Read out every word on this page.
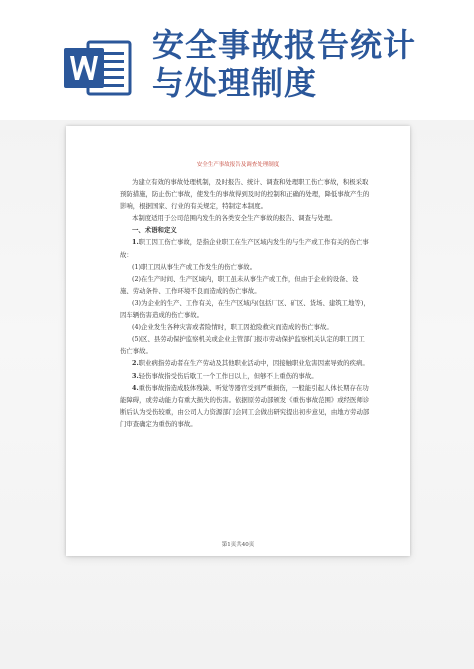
安全事故报告统计
与处理制度
安全生产事故报告及调查处理制度

为建立有效的事故处理机制，及时报告、统计、调查和处理职工伤亡事故，积极采取预防措施，防止伤亡事故，使发生的事故得到及时的控制和正确的处理，降低事故产生的影响，根据国家、行业的有关规定，特制定本制度。

本制度适用于公司范围内发生的各类安全生产事故的报告、调查与处理。

一、术语和定义

1.职工因工伤亡事故，是指企业职工在生产区域内发生的与生产或工作有关的伤亡事故：

(1)职工因从事生产或工作发生的伤亡事故。

(2)在生产时间、生产区域内，职工虽未从事生产或工作，但由于企业的设备、设施、劳动条件、工作环境不良而造成的伤亡事故。

(3)为企业的生产、工作有关，在生产区域内(包括厂区、矿区、货场、建筑工地等)，因车辆伤害造成的伤亡事故。

(4)企业发生各种灾害或者险情时，职工因抢险救灾而造成的伤亡事故。

(5)区、县劳动保护监察机关或企业主管部门报市劳动保护监察机关认定的职工因工伤亡事故。

2.职业病指劳动者在生产劳动及其他职业活动中，因接触职业危害因素导致的疾病。

3.轻伤事故指受伤后歇工一个工作日以上，但够不上重伤的事故。

4.重伤事故指造成肢体残缺、听觉等器官受到严重损伤，一般能引起人体长期存在功能障碍，或劳动能力有重大损失的伤害。依据原劳动部颁发《重伤事故范围》或经医师诊断后认为受伤较重，由公司人力资源部门会同工会做出研究提出初步意见，由地方劳动部门审查确定为重伤的事故。

第1页共40页
